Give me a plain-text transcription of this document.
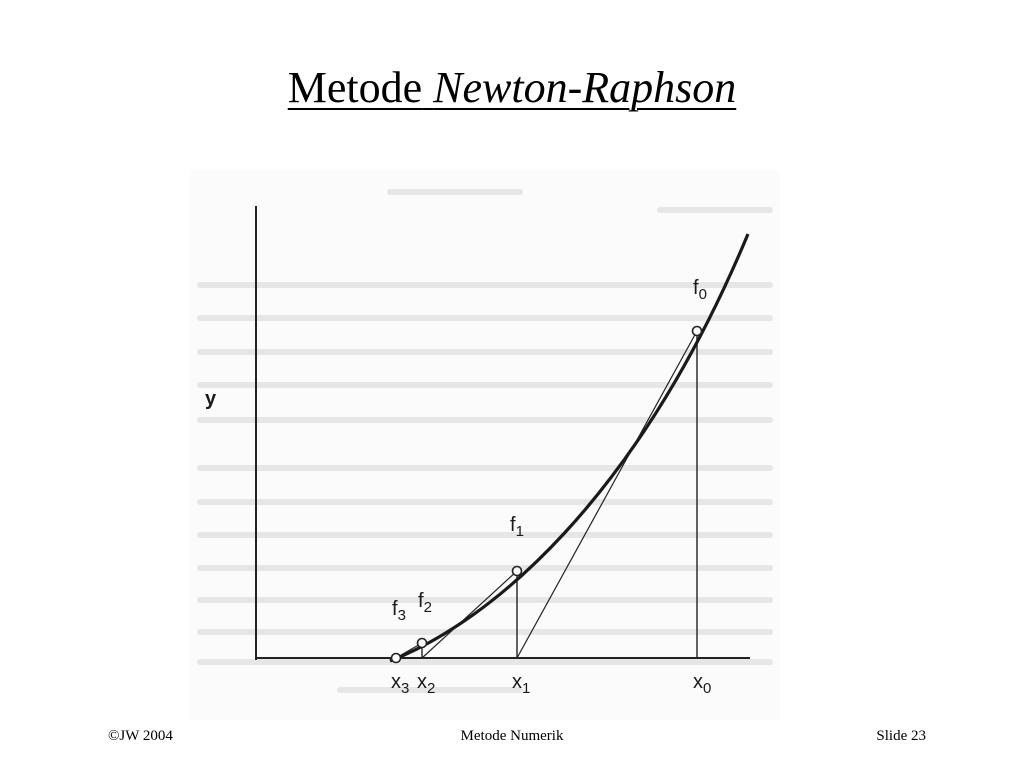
Metode Newton-Raphson
y
$f_0$
$f_1$
$f_2$
$f_3$
$x_0$
$x_1$
$x_2$
$x_3$
©JW 2004	Metode Numerik	Slide 23
